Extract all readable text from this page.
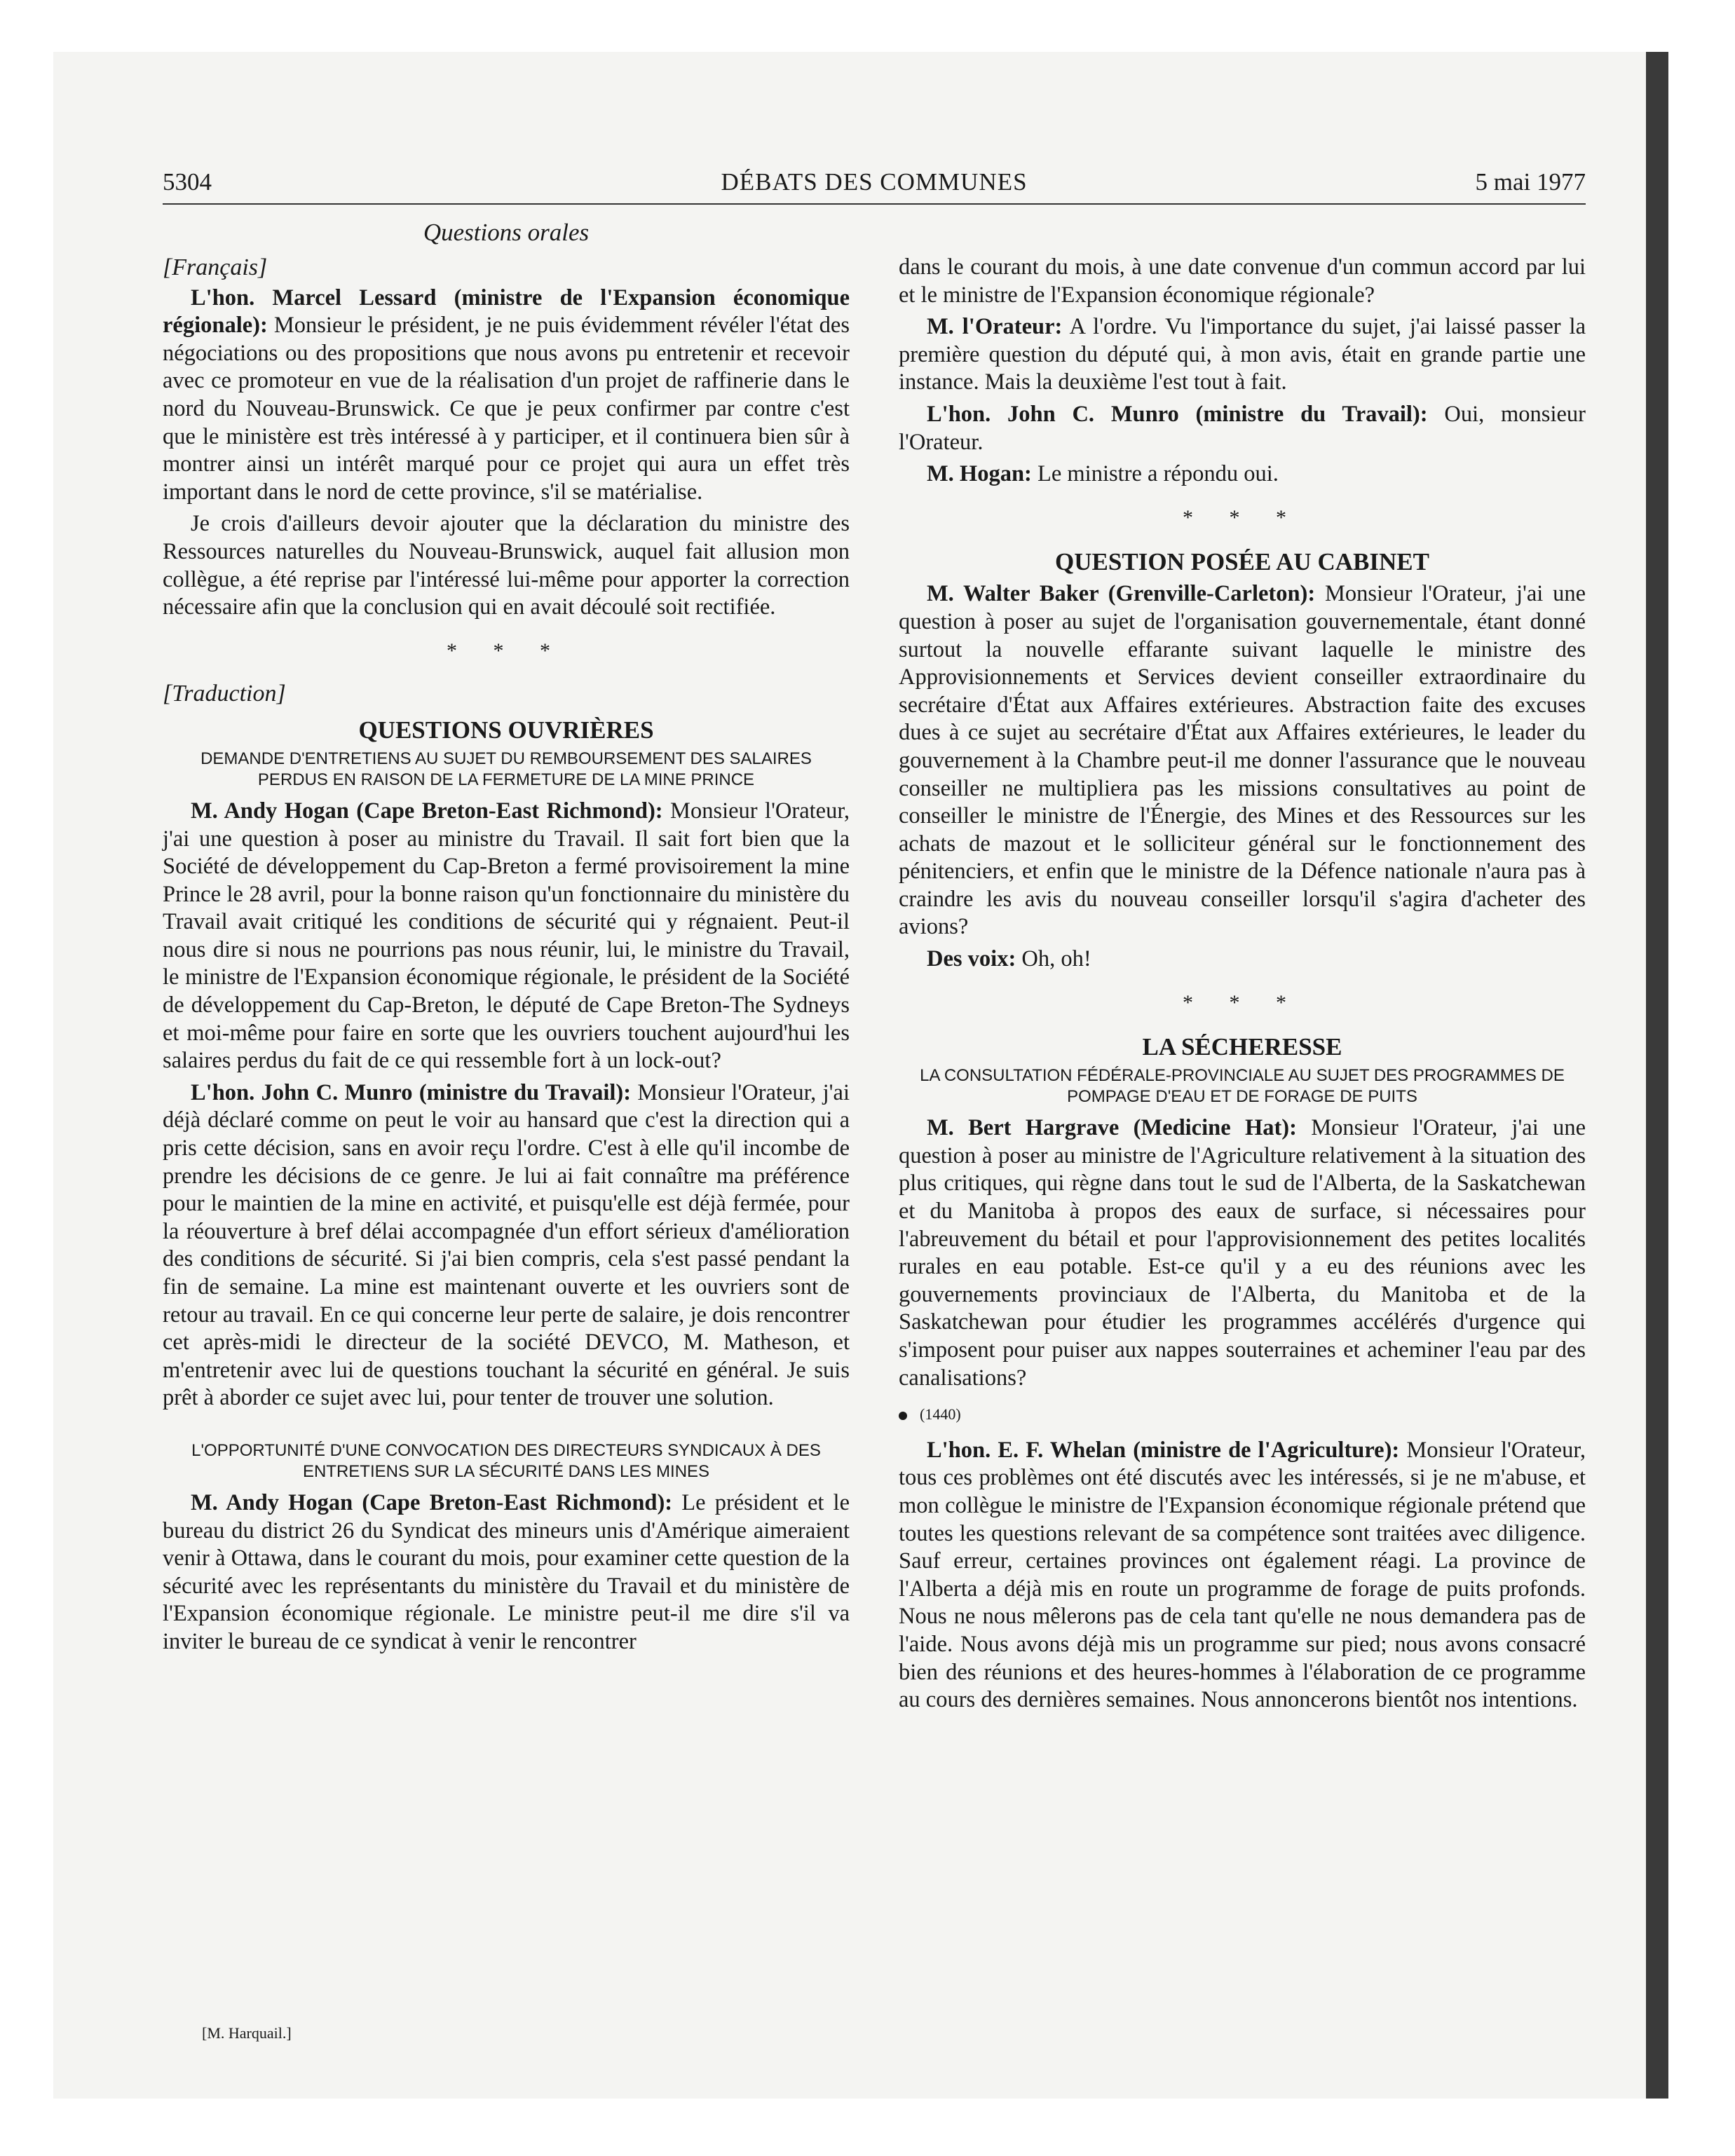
5304	DÉBATS DES COMMUNES	5 mai 1977
Questions orales
[Français]

L'hon. Marcel Lessard (ministre de l'Expansion économique régionale): Monsieur le président, je ne puis évidemment révéler l'état des négociations ou des propositions que nous avons pu entretenir et recevoir avec ce promoteur en vue de la réalisation d'un projet de raffinerie dans le nord du Nouveau-Brunswick. Ce que je peux confirmer par contre c'est que le ministère est très intéressé à y participer, et il continuera bien sûr à montrer ainsi un intérêt marqué pour ce projet qui aura un effet très important dans le nord de cette province, s'il se matérialise.

Je crois d'ailleurs devoir ajouter que la déclaration du ministre des Ressources naturelles du Nouveau-Brunswick, auquel fait allusion mon collègue, a été reprise par l'intéressé lui-même pour apporter la correction nécessaire afin que la conclusion qui en avait découlé soit rectifiée.

* * *
[Traduction]
QUESTIONS OUVRIÈRES
DEMANDE D'ENTRETIENS AU SUJET DU REMBOURSEMENT DES SALAIRES PERDUS EN RAISON DE LA FERMETURE DE LA MINE PRINCE

M. Andy Hogan (Cape Breton-East Richmond): Monsieur l'Orateur, j'ai une question à poser au ministre du Travail. Il sait fort bien que la Société de développement du Cap-Breton a fermé provisoirement la mine Prince le 28 avril, pour la bonne raison qu'un fonctionnaire du ministère du Travail avait critiqué les conditions de sécurité qui y régnaient. Peut-il nous dire si nous ne pourrions pas nous réunir, lui, le ministre du Travail, le ministre de l'Expansion économique régionale, le président de la Société de développement du Cap-Breton, le député de Cape Breton-The Sydneys et moi-même pour faire en sorte que les ouvriers touchent aujourd'hui les salaires perdus du fait de ce qui ressemble fort à un lock-out?

L'hon. John C. Munro (ministre du Travail): Monsieur l'Orateur, j'ai déjà déclaré comme on peut le voir au hansard que c'est la direction qui a pris cette décision, sans en avoir reçu l'ordre. C'est à elle qu'il incombe de prendre les décisions de ce genre. Je lui ai fait connaître ma préférence pour le maintien de la mine en activité, et puisqu'elle est déjà fermée, pour la réouverture à bref délai accompagnée d'un effort sérieux d'amélioration des conditions de sécurité. Si j'ai bien compris, cela s'est passé pendant la fin de semaine. La mine est maintenant ouverte et les ouvriers sont de retour au travail. En ce qui concerne leur perte de salaire, je dois rencontrer cet après-midi le directeur de la société DEVCO, M. Matheson, et m'entretenir avec lui de questions touchant la sécurité en général. Je suis prêt à aborder ce sujet avec lui, pour tenter de trouver une solution.

L'OPPORTUNITÉ D'UNE CONVOCATION DES DIRECTEURS SYNDICAUX À DES ENTRETIENS SUR LA SÉCURITÉ DANS LES MINES

M. Andy Hogan (Cape Breton-East Richmond): Le président et le bureau du district 26 du Syndicat des mineurs unis d'Amérique aimeraient venir à Ottawa, dans le courant du mois, pour examiner cette question de la sécurité avec les représentants du ministère du Travail et du ministère de l'Expansion économique régionale. Le ministre peut-il me dire s'il va inviter le bureau de ce syndicat à venir le rencontrer

[M. Harquail.]

dans le courant du mois, à une date convenue d'un commun accord par lui et le ministre de l'Expansion économique régionale?

M. l'Orateur: A l'ordre. Vu l'importance du sujet, j'ai laissé passer la première question du député qui, à mon avis, était en grande partie une instance. Mais la deuxième l'est tout à fait.

L'hon. John C. Munro (ministre du Travail): Oui, monsieur l'Orateur.

M. Hogan: Le ministre a répondu oui.

* * *
QUESTION POSÉE AU CABINET

M. Walter Baker (Grenville-Carleton): Monsieur l'Orateur, j'ai une question à poser au sujet de l'organisation gouvernementale, étant donné surtout la nouvelle effarante suivant laquelle le ministre des Approvisionnements et Services devient conseiller extraordinaire du secrétaire d'État aux Affaires extérieures. Abstraction faite des excuses dues à ce sujet au secrétaire d'État aux Affaires extérieures, le leader du gouvernement à la Chambre peut-il me donner l'assurance que le nouveau conseiller ne multipliera pas les missions consultatives au point de conseiller le ministre de l'Énergie, des Mines et des Ressources sur les achats de mazout et le solliciteur général sur le fonctionnement des pénitenciers, et enfin que le ministre de la Défence nationale n'aura pas à craindre les avis du nouveau conseiller lorsqu'il s'agira d'acheter des avions?

Des voix: Oh, oh!

* * *
LA SÉCHERESSE
LA CONSULTATION FÉDÉRALE-PROVINCIALE AU SUJET DES PROGRAMMES DE POMPAGE D'EAU ET DE FORAGE DE PUITS

M. Bert Hargrave (Medicine Hat): Monsieur l'Orateur, j'ai une question à poser au ministre de l'Agriculture relativement à la situation des plus critiques, qui règne dans tout le sud de l'Alberta, de la Saskatchewan et du Manitoba à propos des eaux de surface, si nécessaires pour l'abreuvement du bétail et pour l'approvisionnement des petites localités rurales en eau potable. Est-ce qu'il y a eu des réunions avec les gouvernements provinciaux de l'Alberta, du Manitoba et de la Saskatchewan pour étudier les programmes accélérés d'urgence qui s'imposent pour puiser aux nappes souterraines et acheminer l'eau par des canalisations?

(1440)

L'hon. E. F. Whelan (ministre de l'Agriculture): Monsieur l'Orateur, tous ces problèmes ont été discutés avec les intéressés, si je ne m'abuse, et mon collègue le ministre de l'Expansion économique régionale prétend que toutes les questions relevant de sa compétence sont traitées avec diligence. Sauf erreur, certaines provinces ont également réagi. La province de l'Alberta a déjà mis en route un programme de forage de puits profonds. Nous ne nous mêlerons pas de cela tant qu'elle ne nous demandera pas de l'aide. Nous avons déjà mis un programme sur pied; nous avons consacré bien des réunions et des heures-hommes à l'élaboration de ce programme au cours des dernières semaines. Nous annoncerons bientôt nos intentions.
